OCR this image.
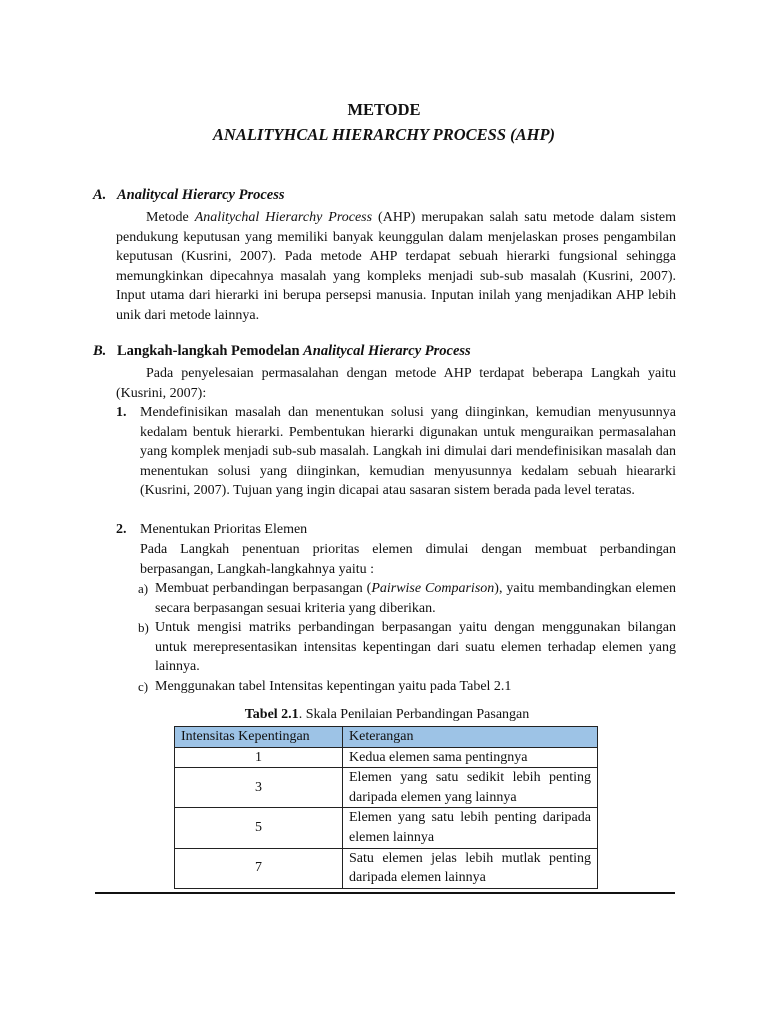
METODE
ANALITYHCAL HIERARCHY PROCESS (AHP)
A. Analitycal Hierarcy Process

Metode Analitychal Hierarchy Process (AHP) merupakan salah satu metode dalam sistem pendukung keputusan yang memiliki banyak keunggulan dalam menjelaskan proses pengambilan keputusan (Kusrini, 2007). Pada metode AHP terdapat sebuah hierarki fungsional sehingga memungkinkan dipecahnya masalah yang kompleks menjadi sub-sub masalah (Kusrini, 2007). Input utama dari hierarki ini berupa persepsi manusia. Inputan inilah yang menjadikan AHP lebih unik dari metode lainnya.

B. Langkah-langkah Pemodelan Analitycal Hierarcy Process

Pada penyelesaian permasalahan dengan metode AHP terdapat beberapa Langkah yaitu (Kusrini, 2007):

1. Mendefinisikan masalah dan menentukan solusi yang diinginkan, kemudian menyusunnya kedalam bentuk hierarki. Pembentukan hierarki digunakan untuk menguraikan permasalahan yang komplek menjadi sub-sub masalah. Langkah ini dimulai dari mendefinisikan masalah dan menentukan solusi yang diinginkan, kemudian menyusunnya kedalam sebuah hieararki (Kusrini, 2007). Tujuan yang ingin dicapai atau sasaran sistem berada pada level teratas.
2. Menentukan Prioritas Elemen

Pada Langkah penentuan prioritas elemen dimulai dengan membuat perbandingan berpasangan, Langkah-langkahnya yaitu :

a) Membuat perbandingan berpasangan (Pairwise Comparison), yaitu membandingkan elemen secara berpasangan sesuai kriteria yang diberikan.
b) Untuk mengisi matriks perbandingan berpasangan yaitu dengan menggunakan bilangan untuk merepresentasikan intensitas kepentingan dari suatu elemen terhadap elemen yang lainnya.
c) Menggunakan tabel Intensitas kepentingan yaitu pada Tabel 2.1
Tabel 2.1. Skala Penilaian Perbandingan Pasangan
Intensitas Kepentingan	Keterangan
1	Kedua elemen sama pentingnya
3	Elemen yang satu sedikit lebih penting daripada elemen yang lainnya
5	Elemen yang satu lebih penting daripada elemen lainnya
7	Satu elemen jelas lebih mutlak penting daripada elemen lainnya
